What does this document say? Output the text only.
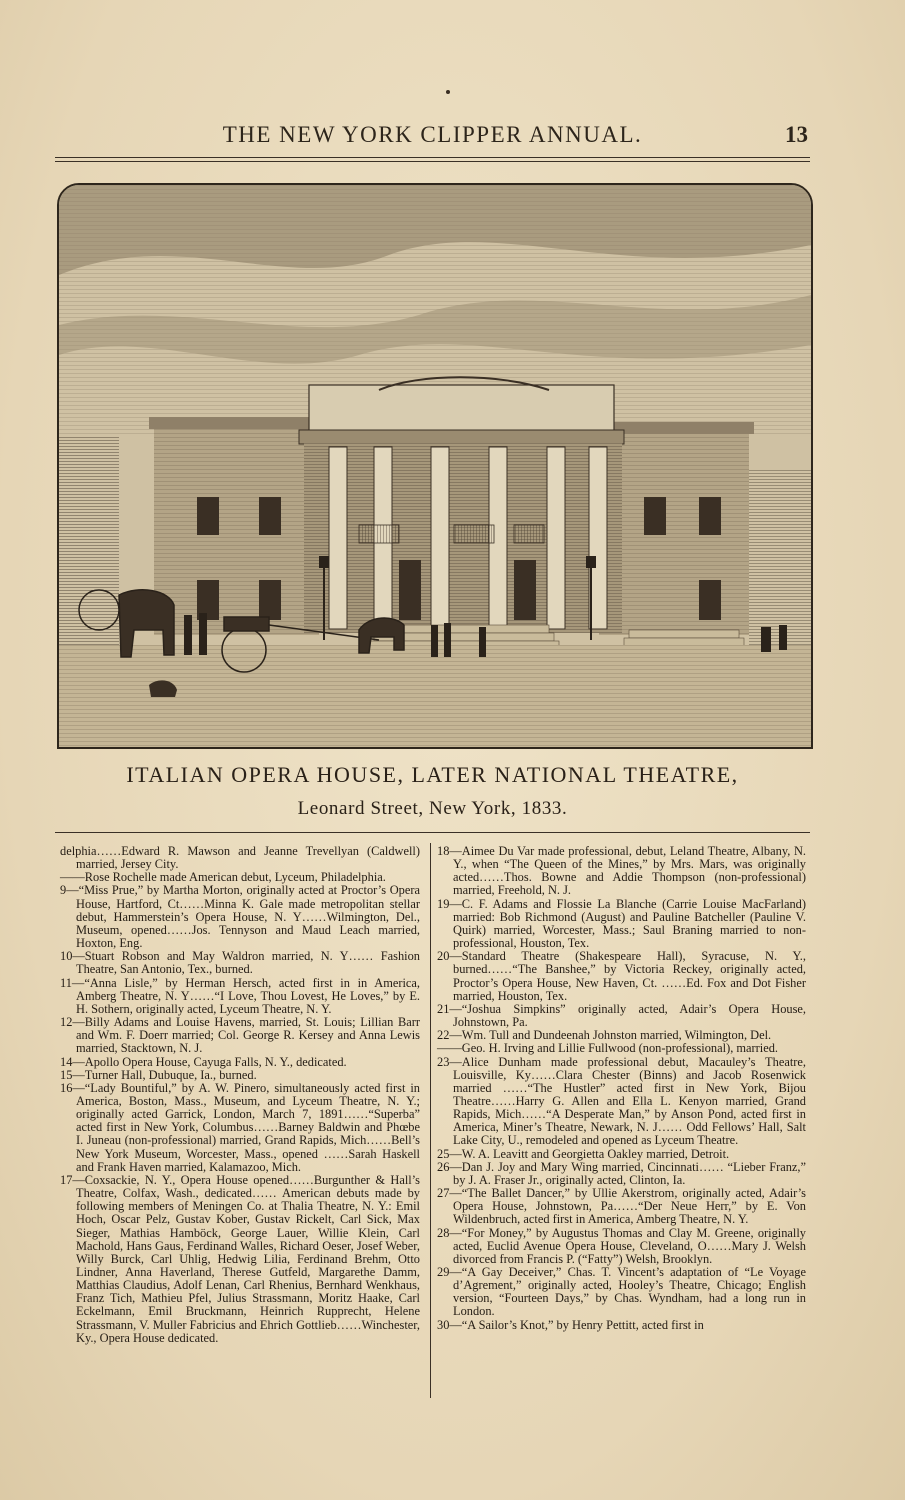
THE NEW YORK CLIPPER ANNUAL.	13
ITALIAN OPERA HOUSE, LATER NATIONAL THEATRE,
Leonard Street, New York, 1833.
delphia……Edward R. Mawson and Jeanne Trevellyan (Caldwell) married, Jersey City.
——Rose Rochelle made American debut, Lyceum, Philadelphia.
9—“Miss Prue,” by Martha Morton, originally acted at Proctor’s Opera House, Hartford, Ct……Minna K. Gale made metropolitan stellar debut, Hammerstein’s Opera House, N. Y……Wilmington, Del., Museum, opened……Jos. Tennyson and Maud Leach married, Hoxton, Eng.
10—Stuart Robson and May Waldron married, N. Y…… Fashion Theatre, San Antonio, Tex., burned.
11—“Anna Lisle,” by Herman Hersch, acted first in in America, Amberg Theatre, N. Y……“I Love, Thou Lovest, He Loves,” by E. H. Sothern, originally acted, Lyceum Theatre, N. Y.
12—Billy Adams and Louise Havens, married, St. Louis; Lillian Barr and Wm. F. Doerr married; Col. George R. Kersey and Anna Lewis married, Stacktown, N. J.
14—Apollo Opera House, Cayuga Falls, N. Y., dedicated.
15—Turner Hall, Dubuque, Ia., burned.
16—“Lady Bountiful,” by A. W. Pinero, simultaneously acted first in America, Boston, Mass., Museum, and Lyceum Theatre, N. Y.; originally acted Garrick, London, March 7, 1891……“Superba” acted first in New York, Columbus……Barney Baldwin and Phœbe I. Juneau (non-professional) married, Grand Rapids, Mich……Bell’s New York Museum, Worcester, Mass., opened ……Sarah Haskell and Frank Haven married, Kalamazoo, Mich.
17—Coxsackie, N. Y., Opera House opened……Burgunther & Hall’s Theatre, Colfax, Wash., dedicated…… American debuts made by following members of Meningen Co. at Thalia Theatre, N. Y.: Emil Hoch, Oscar Pelz, Gustav Kober, Gustav Rickelt, Carl Sick, Max Sieger, Mathias Hamböck, George Lauer, Willie Klein, Carl Machold, Hans Gaus, Ferdinand Walles, Richard Oeser, Josef Weber, Willy Burck, Carl Uhlig, Hedwig Lilia, Ferdinand Brehm, Otto Lindner, Anna Haverland, Therese Gutfeld, Margarethe Damm, Matthias Claudius, Adolf Lenan, Carl Rhenius, Bernhard Wenkhaus, Franz Tich, Mathieu Pfel, Julius Strassmann, Moritz Haake, Carl Eckelmann, Emil Bruckmann, Heinrich Rupprecht, Helene Strassmann, V. Muller Fabricius and Ehrich Gottlieb……Winchester, Ky., Opera House dedicated.
18—Aimee Du Var made professional, debut, Leland Theatre, Albany, N. Y., when “The Queen of the Mines,” by Mrs. Mars, was originally acted……Thos. Bowne and Addie Thompson (non-professional) married, Freehold, N. J.
19—C. F. Adams and Flossie La Blanche (Carrie Louise MacFarland) married: Bob Richmond (August) and Pauline Batcheller (Pauline V. Quirk) married, Worcester, Mass.; Saul Braning married to non-professional, Houston, Tex.
20—Standard Theatre (Shakespeare Hall), Syracuse, N. Y., burned……“The Banshee,” by Victoria Reckey, originally acted, Proctor’s Opera House, New Haven, Ct. ……Ed. Fox and Dot Fisher married, Houston, Tex.
21—“Joshua Simpkins” originally acted, Adair’s Opera House, Johnstown, Pa.
22—Wm. Tull and Dundeenah Johnston married, Wilmington, Del.
——Geo. H. Irving and Lillie Fullwood (non-professional), married.
23—Alice Dunham made professional debut, Macauley’s Theatre, Louisville, Ky……Clara Chester (Binns) and Jacob Rosenwick married ……“The Hustler” acted first in New York, Bijou Theatre……Harry G. Allen and Ella L. Kenyon married, Grand Rapids, Mich……“A Desperate Man,” by Anson Pond, acted first in America, Miner’s Theatre, Newark, N. J…… Odd Fellows’ Hall, Salt Lake City, U., remodeled and opened as Lyceum Theatre.
25—W. A. Leavitt and Georgietta Oakley married, Detroit.
26—Dan J. Joy and Mary Wing married, Cincinnati…… “Lieber Franz,” by J. A. Fraser Jr., originally acted, Clinton, Ia.
27—“The Ballet Dancer,” by Ullie Akerstrom, originally acted, Adair’s Opera House, Johnstown, Pa……“Der Neue Herr,” by E. Von Wildenbruch, acted first in America, Amberg Theatre, N. Y.
28—“For Money,” by Augustus Thomas and Clay M. Greene, originally acted, Euclid Avenue Opera House, Cleveland, O……Mary J. Welsh divorced from Francis P. (“Fatty”) Welsh, Brooklyn.
29—“A Gay Deceiver,” Chas. T. Vincent’s adaptation of “Le Voyage d’Agrement,” originally acted, Hooley’s Theatre, Chicago; English version, “Fourteen Days,” by Chas. Wyndham, had a long run in London.
30—“A Sailor’s Knot,” by Henry Pettitt, acted first in
